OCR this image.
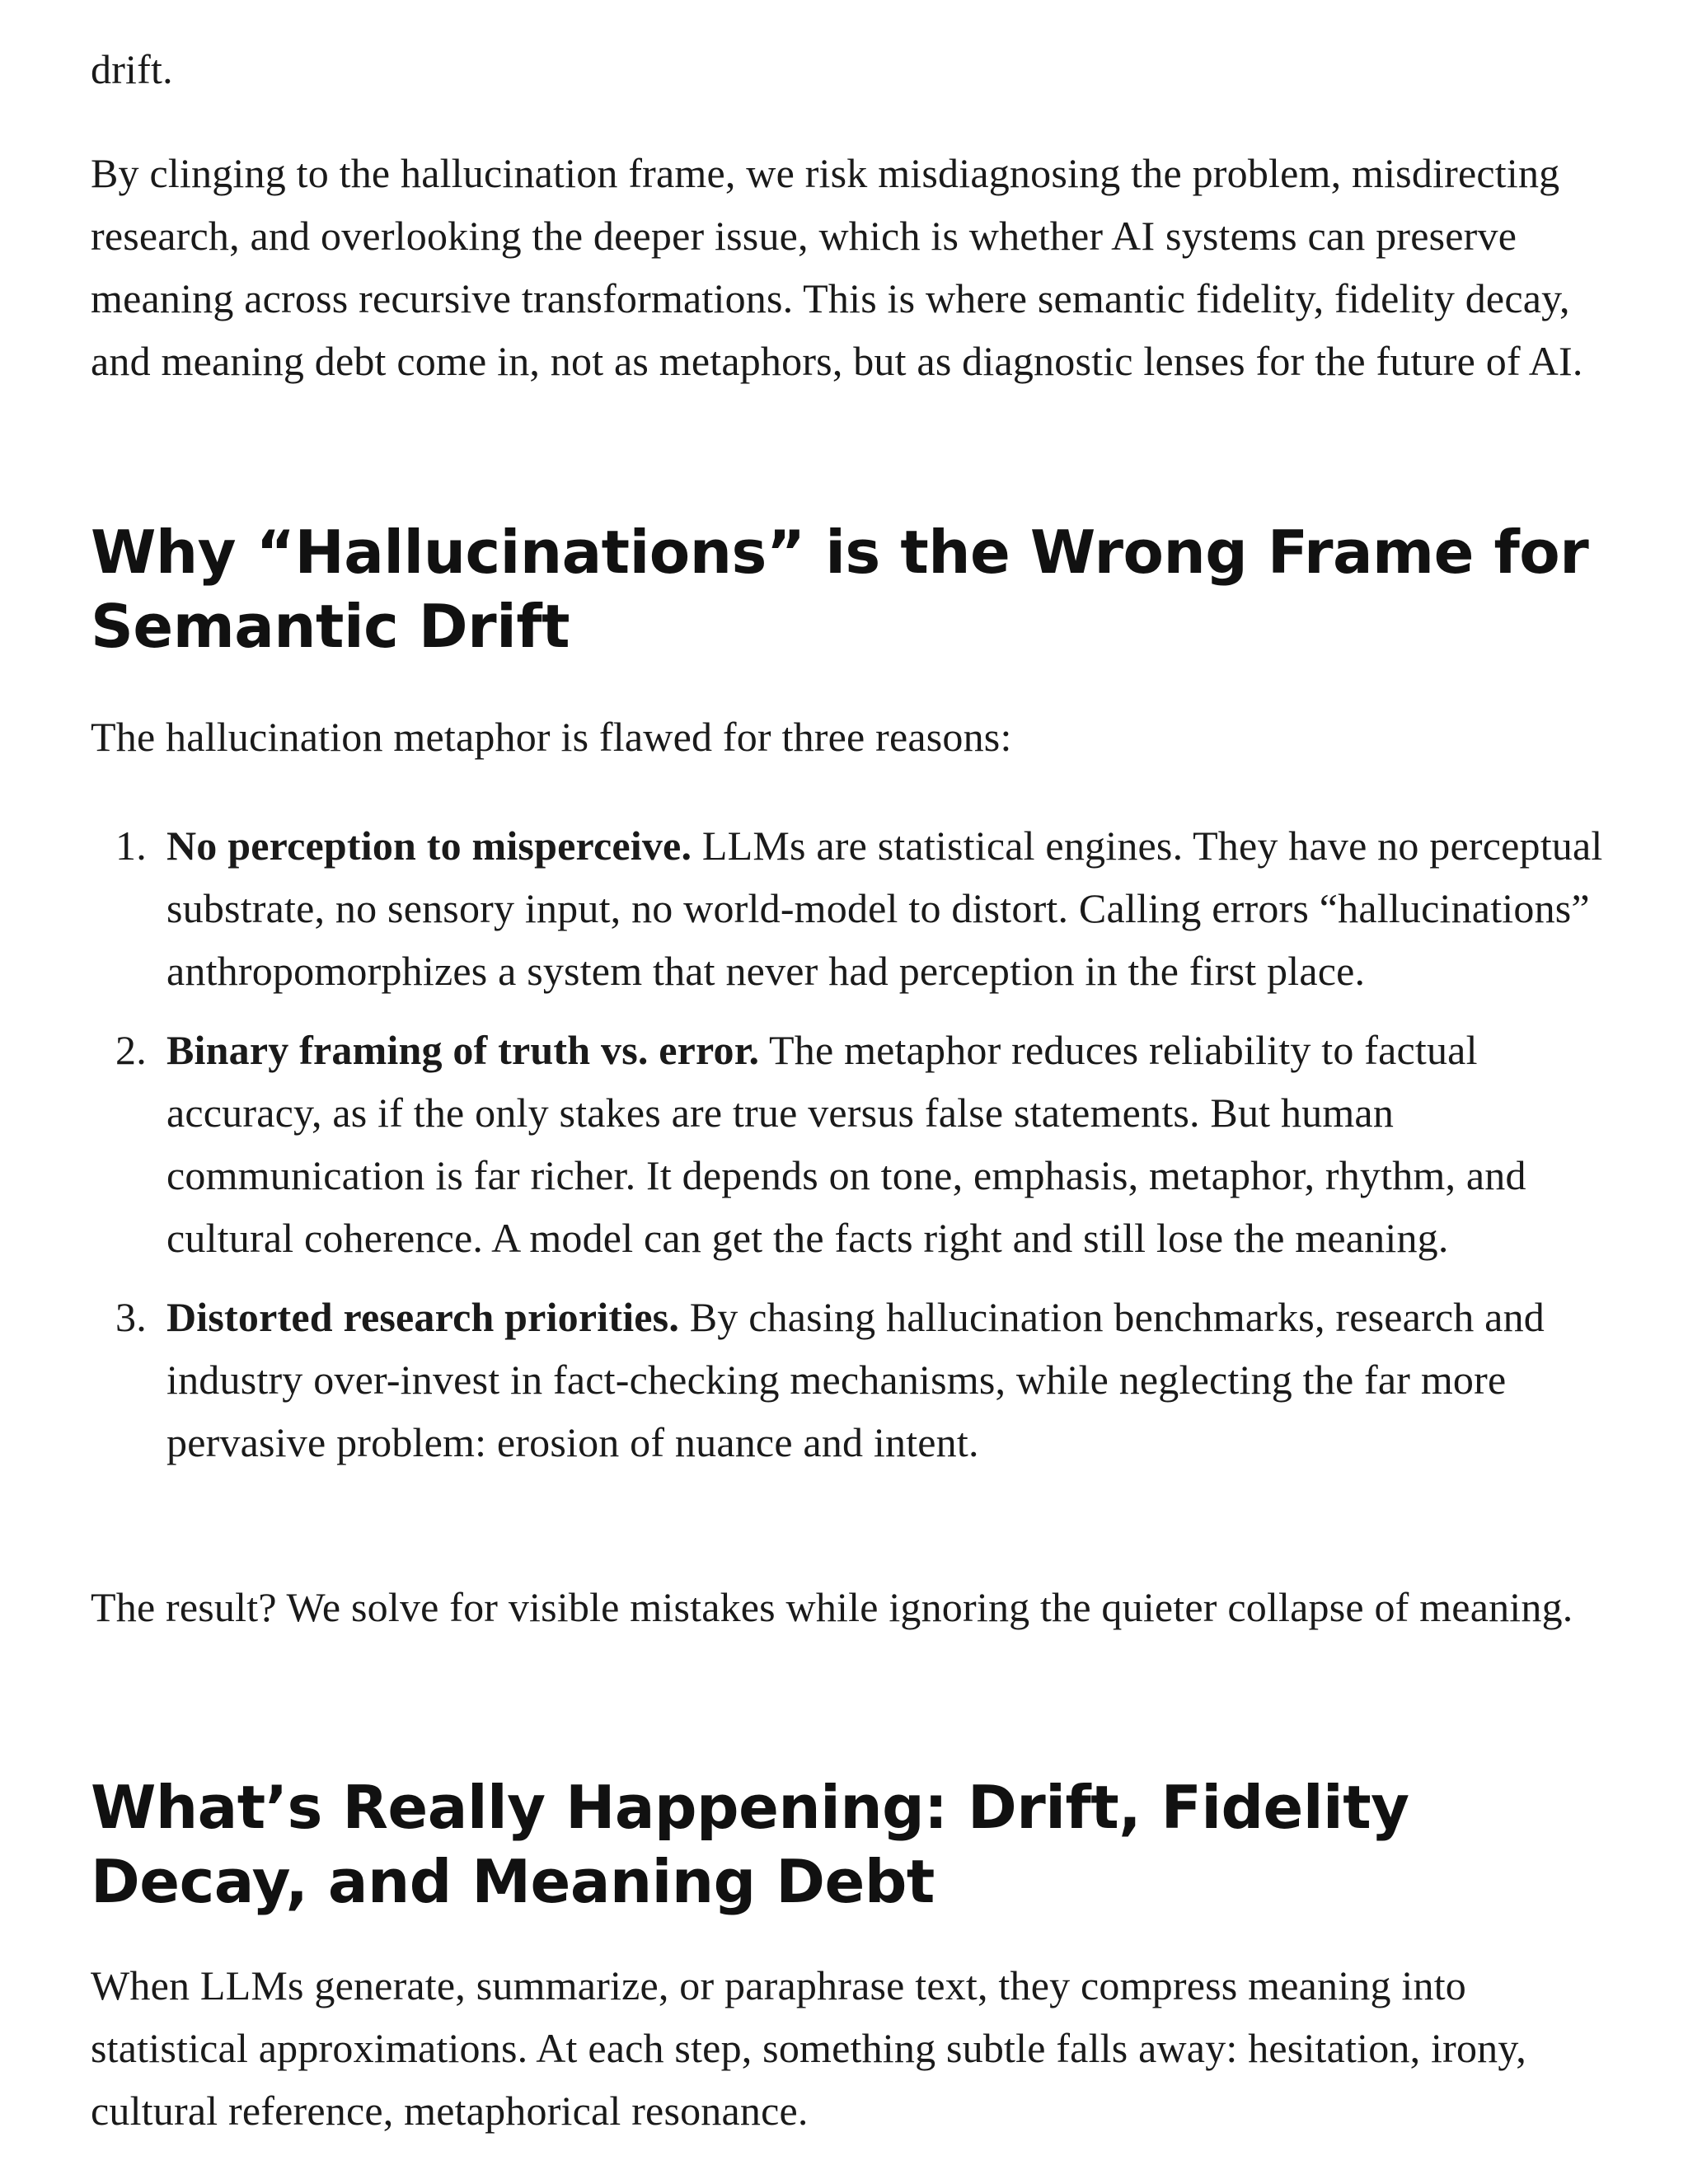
drift.

By clinging to the hallucination frame, we risk misdiagnosing the problem, misdirecting research, and overlooking the deeper issue, which is whether AI systems can preserve meaning across recursive transformations. This is where semantic fidelity, fidelity decay, and meaning debt come in, not as metaphors, but as diagnostic lenses for the future of AI.

Why “Hallucinations” is the Wrong Frame for Semantic Drift

The hallucination metaphor is flawed for three reasons:

1. No perception to misperceive. LLMs are statistical engines. They have no perceptual substrate, no sensory input, no world-model to distort. Calling errors “hallucinations” anthropomorphizes a system that never had perception in the first place.
2. Binary framing of truth vs. error. The metaphor reduces reliability to factual accuracy, as if the only stakes are true versus false statements. But human communication is far richer. It depends on tone, emphasis, metaphor, rhythm, and cultural coherence. A model can get the facts right and still lose the meaning.
3. Distorted research priorities. By chasing hallucination benchmarks, research and industry over-invest in fact-checking mechanisms, while neglecting the far more pervasive problem: erosion of nuance and intent.

The result? We solve for visible mistakes while ignoring the quieter collapse of meaning.

What’s Really Happening: Drift, Fidelity Decay, and Meaning Debt

When LLMs generate, summarize, or paraphrase text, they compress meaning into statistical approximations. At each step, something subtle falls away: hesitation, irony, cultural reference, metaphorical resonance.
